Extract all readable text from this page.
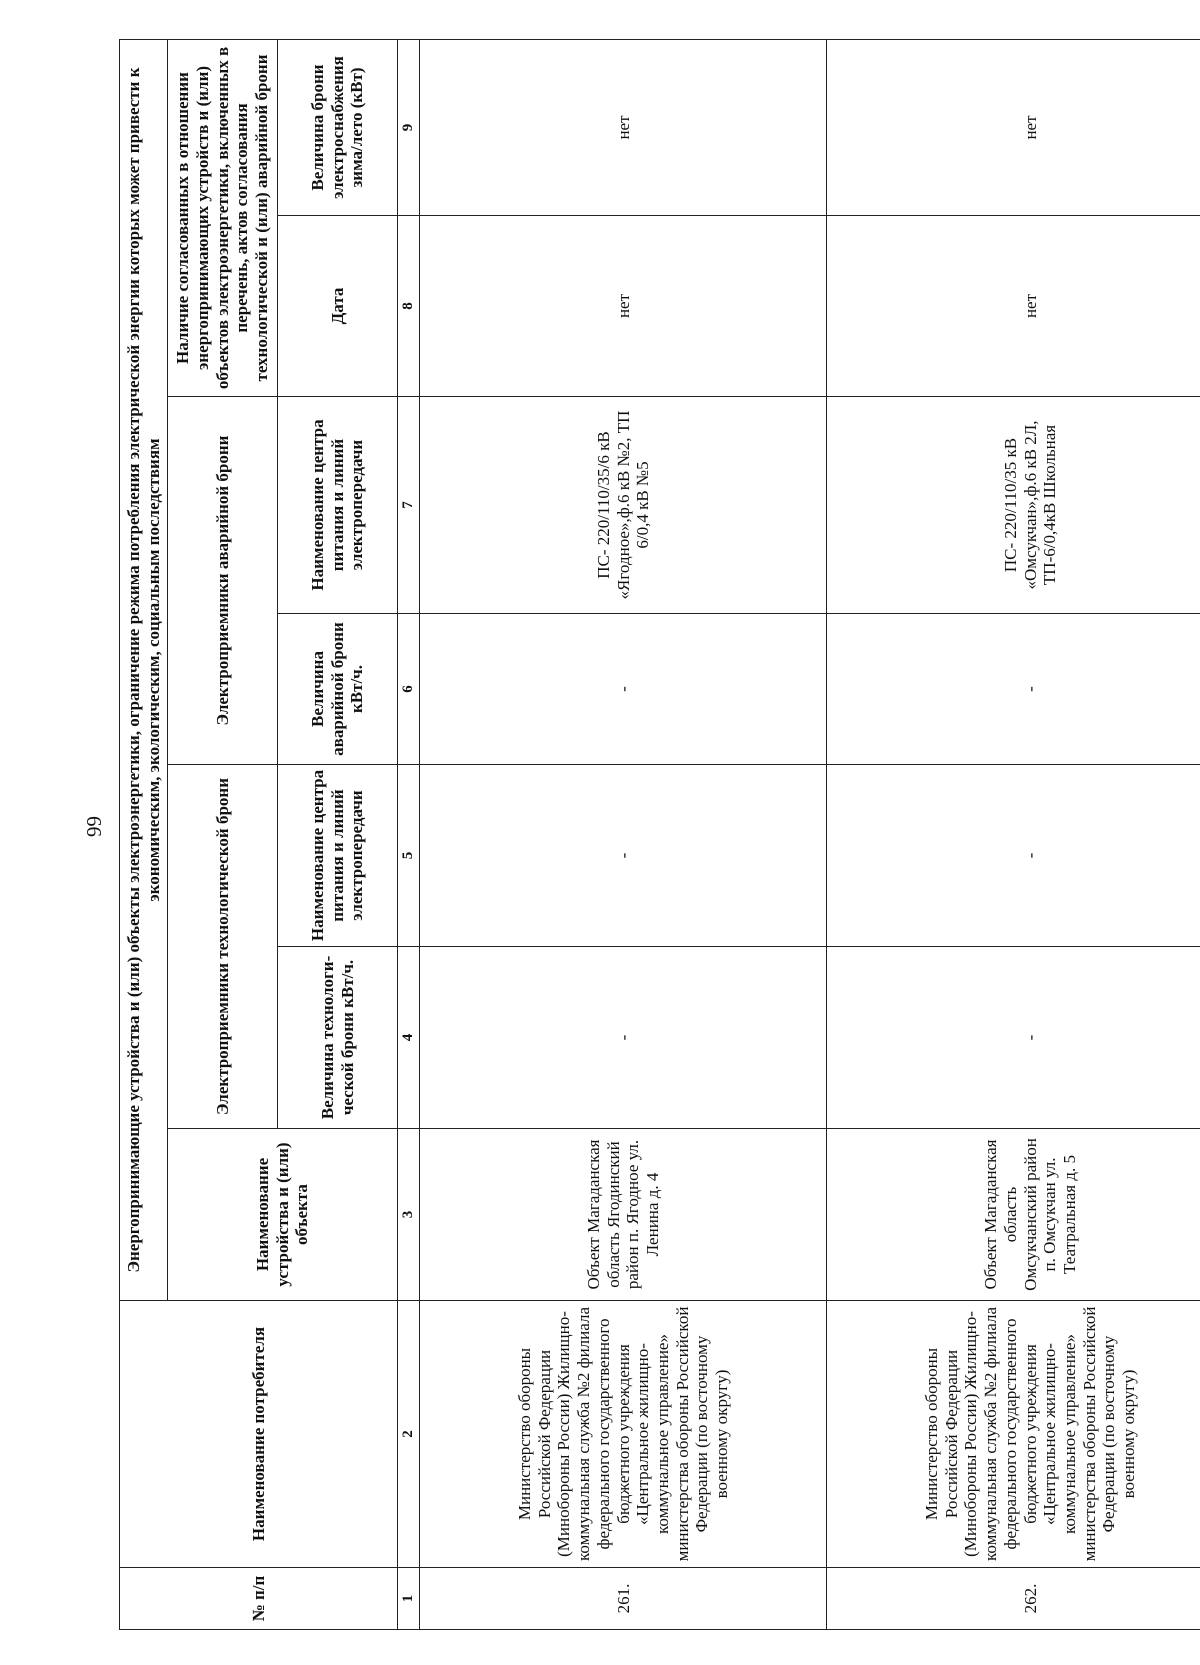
66
№ п/п	Наименование потребителя	Энергопринимающие устройства и (или) объекты электроэнергетики, ограничение режима потребления электрической энергии которых может привести к экономическим, экологическим, социальным последствиям						
		Наименование устройства и (или) объекта	Электроприемники технологической брони		Электроприемники аварийной брони		Наличие согласованных в отношении энергопринимающих устройств и (или) объектов электроэнергетики, включенных в перечень, актов согласования технологической и (или) аварийной брони	
			Величина технологи-ческой брони кВт/ч.	Наименование центра питания и линий электропередачи	Величина аварийной брони кВт/ч.	Наименование центра питания и линий электропередачи	Дата	Величина брони электроснабжения зима/лето (кВт)
1	2	3	4	5	6	7	8	9
261.	Министерство обороны Российской Федерации (Минобороны России) Жилищно-коммунальная служба №2 филиала федерального государственного бюджетного учреждения «Центральное жилищно-коммунальное управление» министерства обороны Российской Федерации (по восточному военному округу)	Объект Магаданская область Ягодинский район п. Ягодное ул. Ленина д. 4	-	-	-	ПС- 220/110/35/6 кВ «Ягодное»,ф.6 кВ №2, ТП 6/0,4 кВ №5	нет	нет
262.	Министерство обороны Российской Федерации (Минобороны России) Жилищно-коммунальная служба №2 филиала федерального государственного бюджетного учреждения «Центральное жилищно-коммунальное управление» министерства обороны Российской Федерации (по восточному военному округу)	Объект Магаданская область Омсукчанский район п. Омсукчан ул. Театральная д. 5	-	-	-	ПС- 220/110/35 кВ «Омсукчан»,ф.6 кВ 2Л, ТП-6/0,4кВ Школьная	нет	нет
